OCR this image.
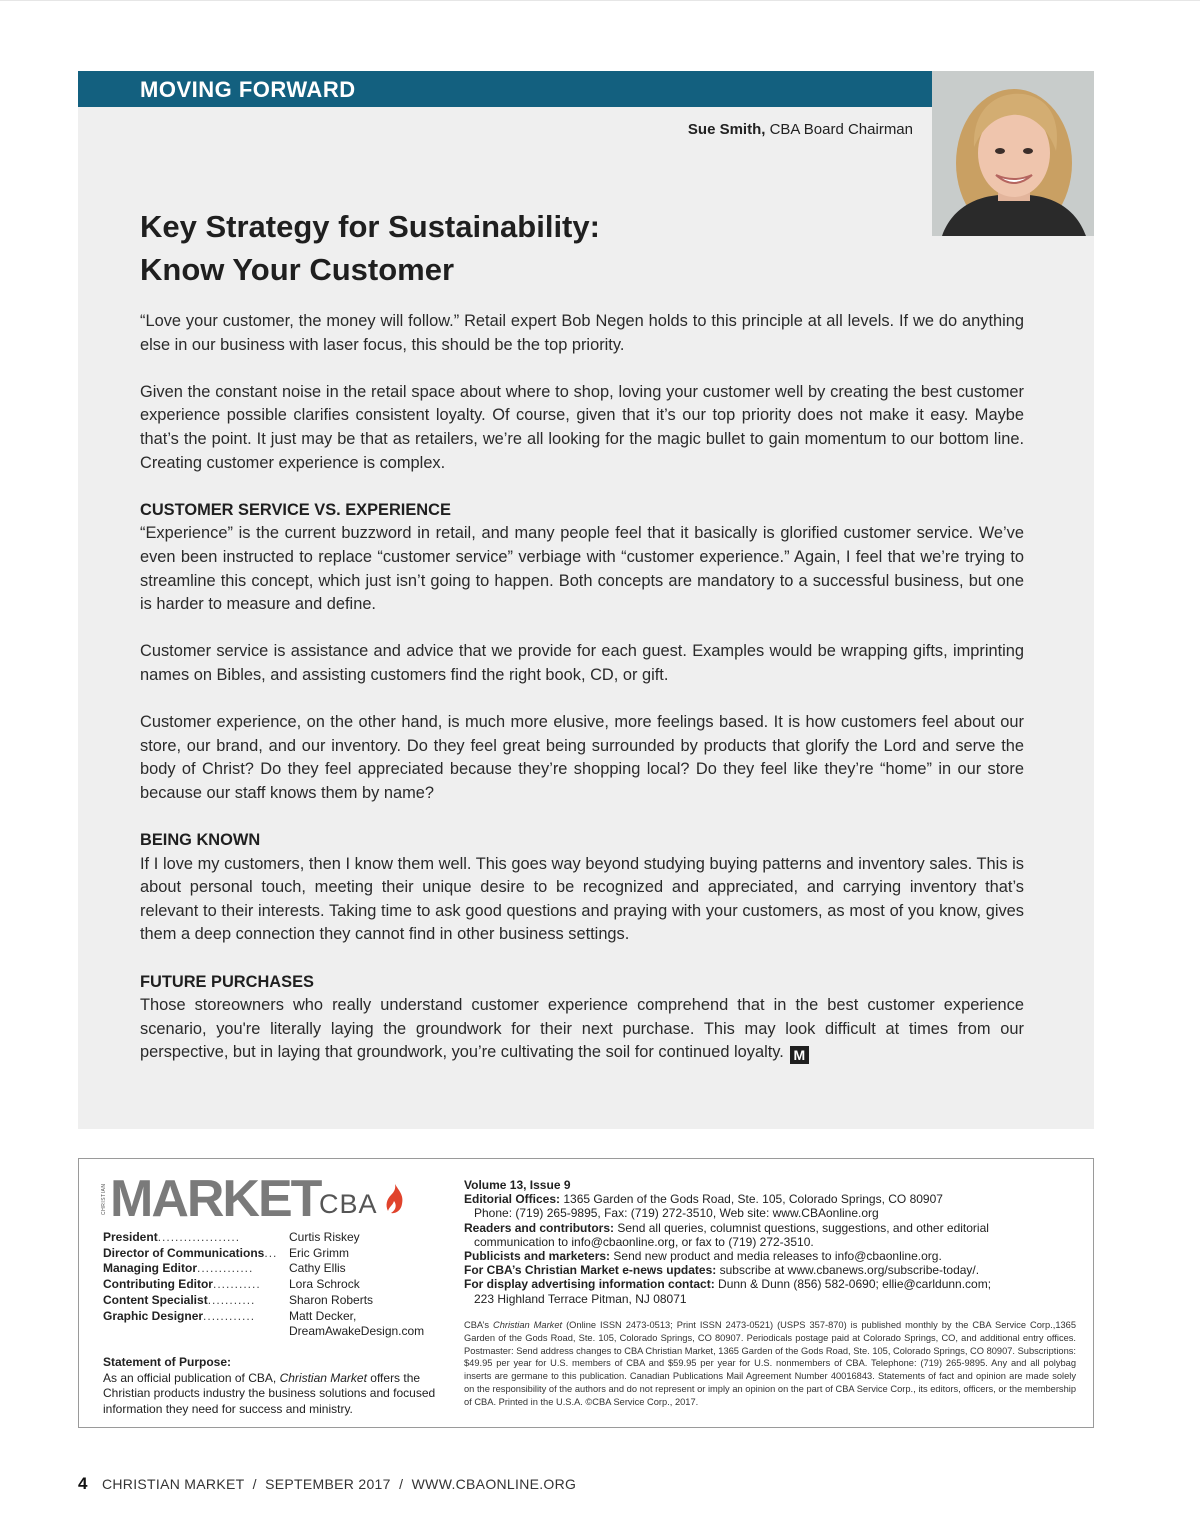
MOVING FORWARD
Sue Smith, CBA Board Chairman
Key Strategy for Sustainability:
Know Your Customer

“Love your customer, the money will follow.” Retail expert Bob Negen holds to this principle at all levels. If we do anything else in our business with laser focus, this should be the top priority.

Given the constant noise in the retail space about where to shop, loving your customer well by creating the best customer experience possible clarifies consistent loyalty. Of course, given that it’s our top priority does not make it easy. Maybe that’s the point. It just may be that as retailers, we’re all looking for the magic bullet to gain momentum to our bottom line. Creating customer experience is complex.

CUSTOMER SERVICE VS. EXPERIENCE

“Experience” is the current buzzword in retail, and many people feel that it basically is glorified customer service. We’ve even been instructed to replace “customer service” verbiage with “customer experience.” Again, I feel that we’re trying to streamline this concept, which just isn’t going to happen. Both concepts are mandatory to a successful business, but one is harder to measure and define.

Customer service is assistance and advice that we provide for each guest. Examples would be wrapping gifts, imprinting names on Bibles, and assisting customers find the right book, CD, or gift.

Customer experience, on the other hand, is much more elusive, more feelings based. It is how customers feel about our store, our brand, and our inventory. Do they feel great being surrounded by products that glorify the Lord and serve the body of Christ? Do they feel appreciated because they’re shopping local? Do they feel like they’re “home” in our store because our staff knows them by name?

BEING KNOWN

If I love my customers, then I know them well. This goes way beyond studying buying patterns and inventory sales. This is about personal touch, meeting their unique desire to be recognized and appreciated, and carrying inventory that’s relevant to their interests. Taking time to ask good questions and praying with your customers, as most of you know, gives them a deep connection they cannot find in other business settings.

FUTURE PURCHASES

Those storeowners who really understand customer experience comprehend that in the best customer experience scenario, you're literally laying the groundwork for their next purchase. This may look difficult at times from our perspective, but in laying that groundwork, you’re cultivating the soil for continued loyalty. M

CHRISTIAN MARKET
CBA
President...................	Curtis Riskey
Director of Communications... Eric Grimm
Managing Editor.............	Cathy Ellis
Contributing Editor...........	Lora Schrock
Content Specialist...........	Sharon Roberts
Graphic Designer............	Matt Decker,
DreamAwakeDesign.com
Statement of Purpose:
As an official publication of CBA, Christian Market offers the Christian products industry the business solutions and focused information they need for success and ministry.
Volume 13, Issue 9
Editorial Offices: 1365 Garden of the Gods Road, Ste. 105, Colorado Springs, CO 80907
Phone: (719) 265-9895, Fax: (719) 272-3510, Web site: www.CBAonline.org
Readers and contributors: Send all queries, columnist questions, suggestions, and other editorial
communication to info@cbaonline.org, or fax to (719) 272-3510.
Publicists and marketers: Send new product and media releases to info@cbaonline.org.
For CBA’s Christian Market e-news updates: subscribe at www.cbanews.org/subscribe-today/.
For display advertising information contact: Dunn & Dunn (856) 582-0690; ellie@carldunn.com;
223 Highland Terrace Pitman, NJ 08071
CBA’s Christian Market (Online ISSN 2473-0513; Print ISSN 2473-0521) (USPS 357-870) is published monthly by the CBA Service Corp.,1365 Garden of the Gods Road, Ste. 105, Colorado Springs, CO 80907. Periodicals postage paid at Colorado Springs, CO, and additional entry offices. Postmaster: Send address changes to CBA Christian Market, 1365 Garden of the Gods Road, Ste. 105, Colorado Springs, CO 80907. Subscriptions: $49.95 per year for U.S. members of CBA and $59.95 per year for U.S. nonmembers of CBA. Telephone: (719) 265-9895. Any and all polybag inserts are germane to this publication. Canadian Publications Mail Agreement Number 40016843. Statements of fact and opinion are made solely on the responsibility of the authors and do not represent or imply an opinion on the part of CBA Service Corp., its editors, officers, or the membership of CBA. Printed in the U.S.A. ©CBA Service Corp., 2017.
4 CHRISTIAN MARKET  /  SEPTEMBER 2017  /  WWW.CBAONLINE.ORG
